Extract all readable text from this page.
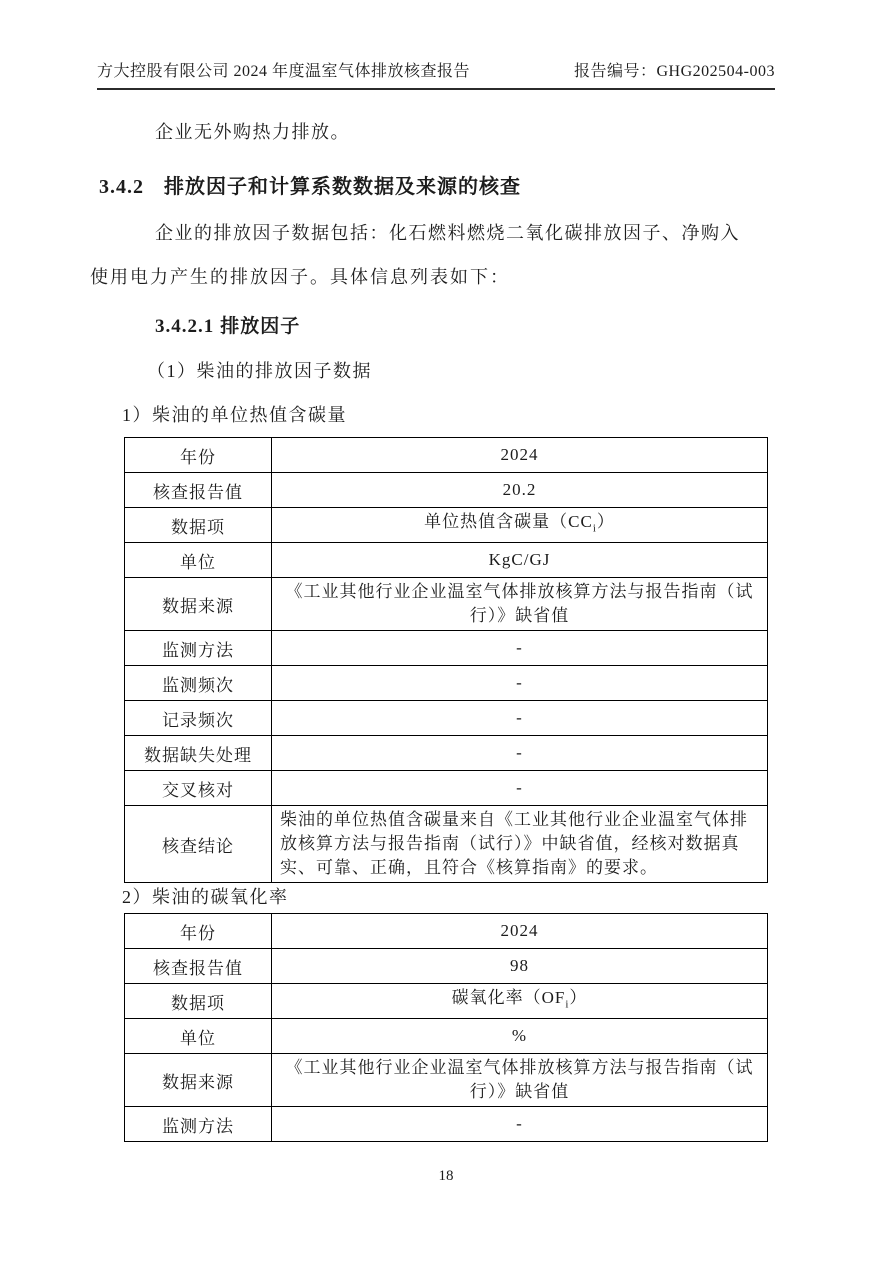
方大控股有限公司 2024 年度温室气体排放核查报告	报告编号：GHG202504-003
企业无外购热力排放。
3.4.2 排放因子和计算系数数据及来源的核查
企业的排放因子数据包括：化石燃料燃烧二氧化碳排放因子、净购入
使用电力产生的排放因子。具体信息列表如下：
3.4.2.1 排放因子
（1）柴油的排放因子数据
1）柴油的单位热值含碳量
年份	2024
核查报告值	20.2
数据项	单位热值含碳量$(CC_i)$
单位	KgC/GJ
数据来源	《工业其他行业企业温室气体排放核算方法与报告指南（试行）》缺省值
监测方法	-
监测频次	-
记录频次	-
数据缺失处理	-
交叉核对	-
核查结论	柴油的单位热值含碳量来自《工业其他行业企业温室气体排放核算方法与报告指南（试行）》中缺省值，经核对数据真实、可靠、正确，且符合《核算指南》的要求。
2）柴油的碳氧化率
年份	2024
核查报告值	98
数据项	碳氧化率$(OF_i)$
单位	%
数据来源	《工业其他行业企业温室气体排放核算方法与报告指南（试行）》缺省值
监测方法	-
18
